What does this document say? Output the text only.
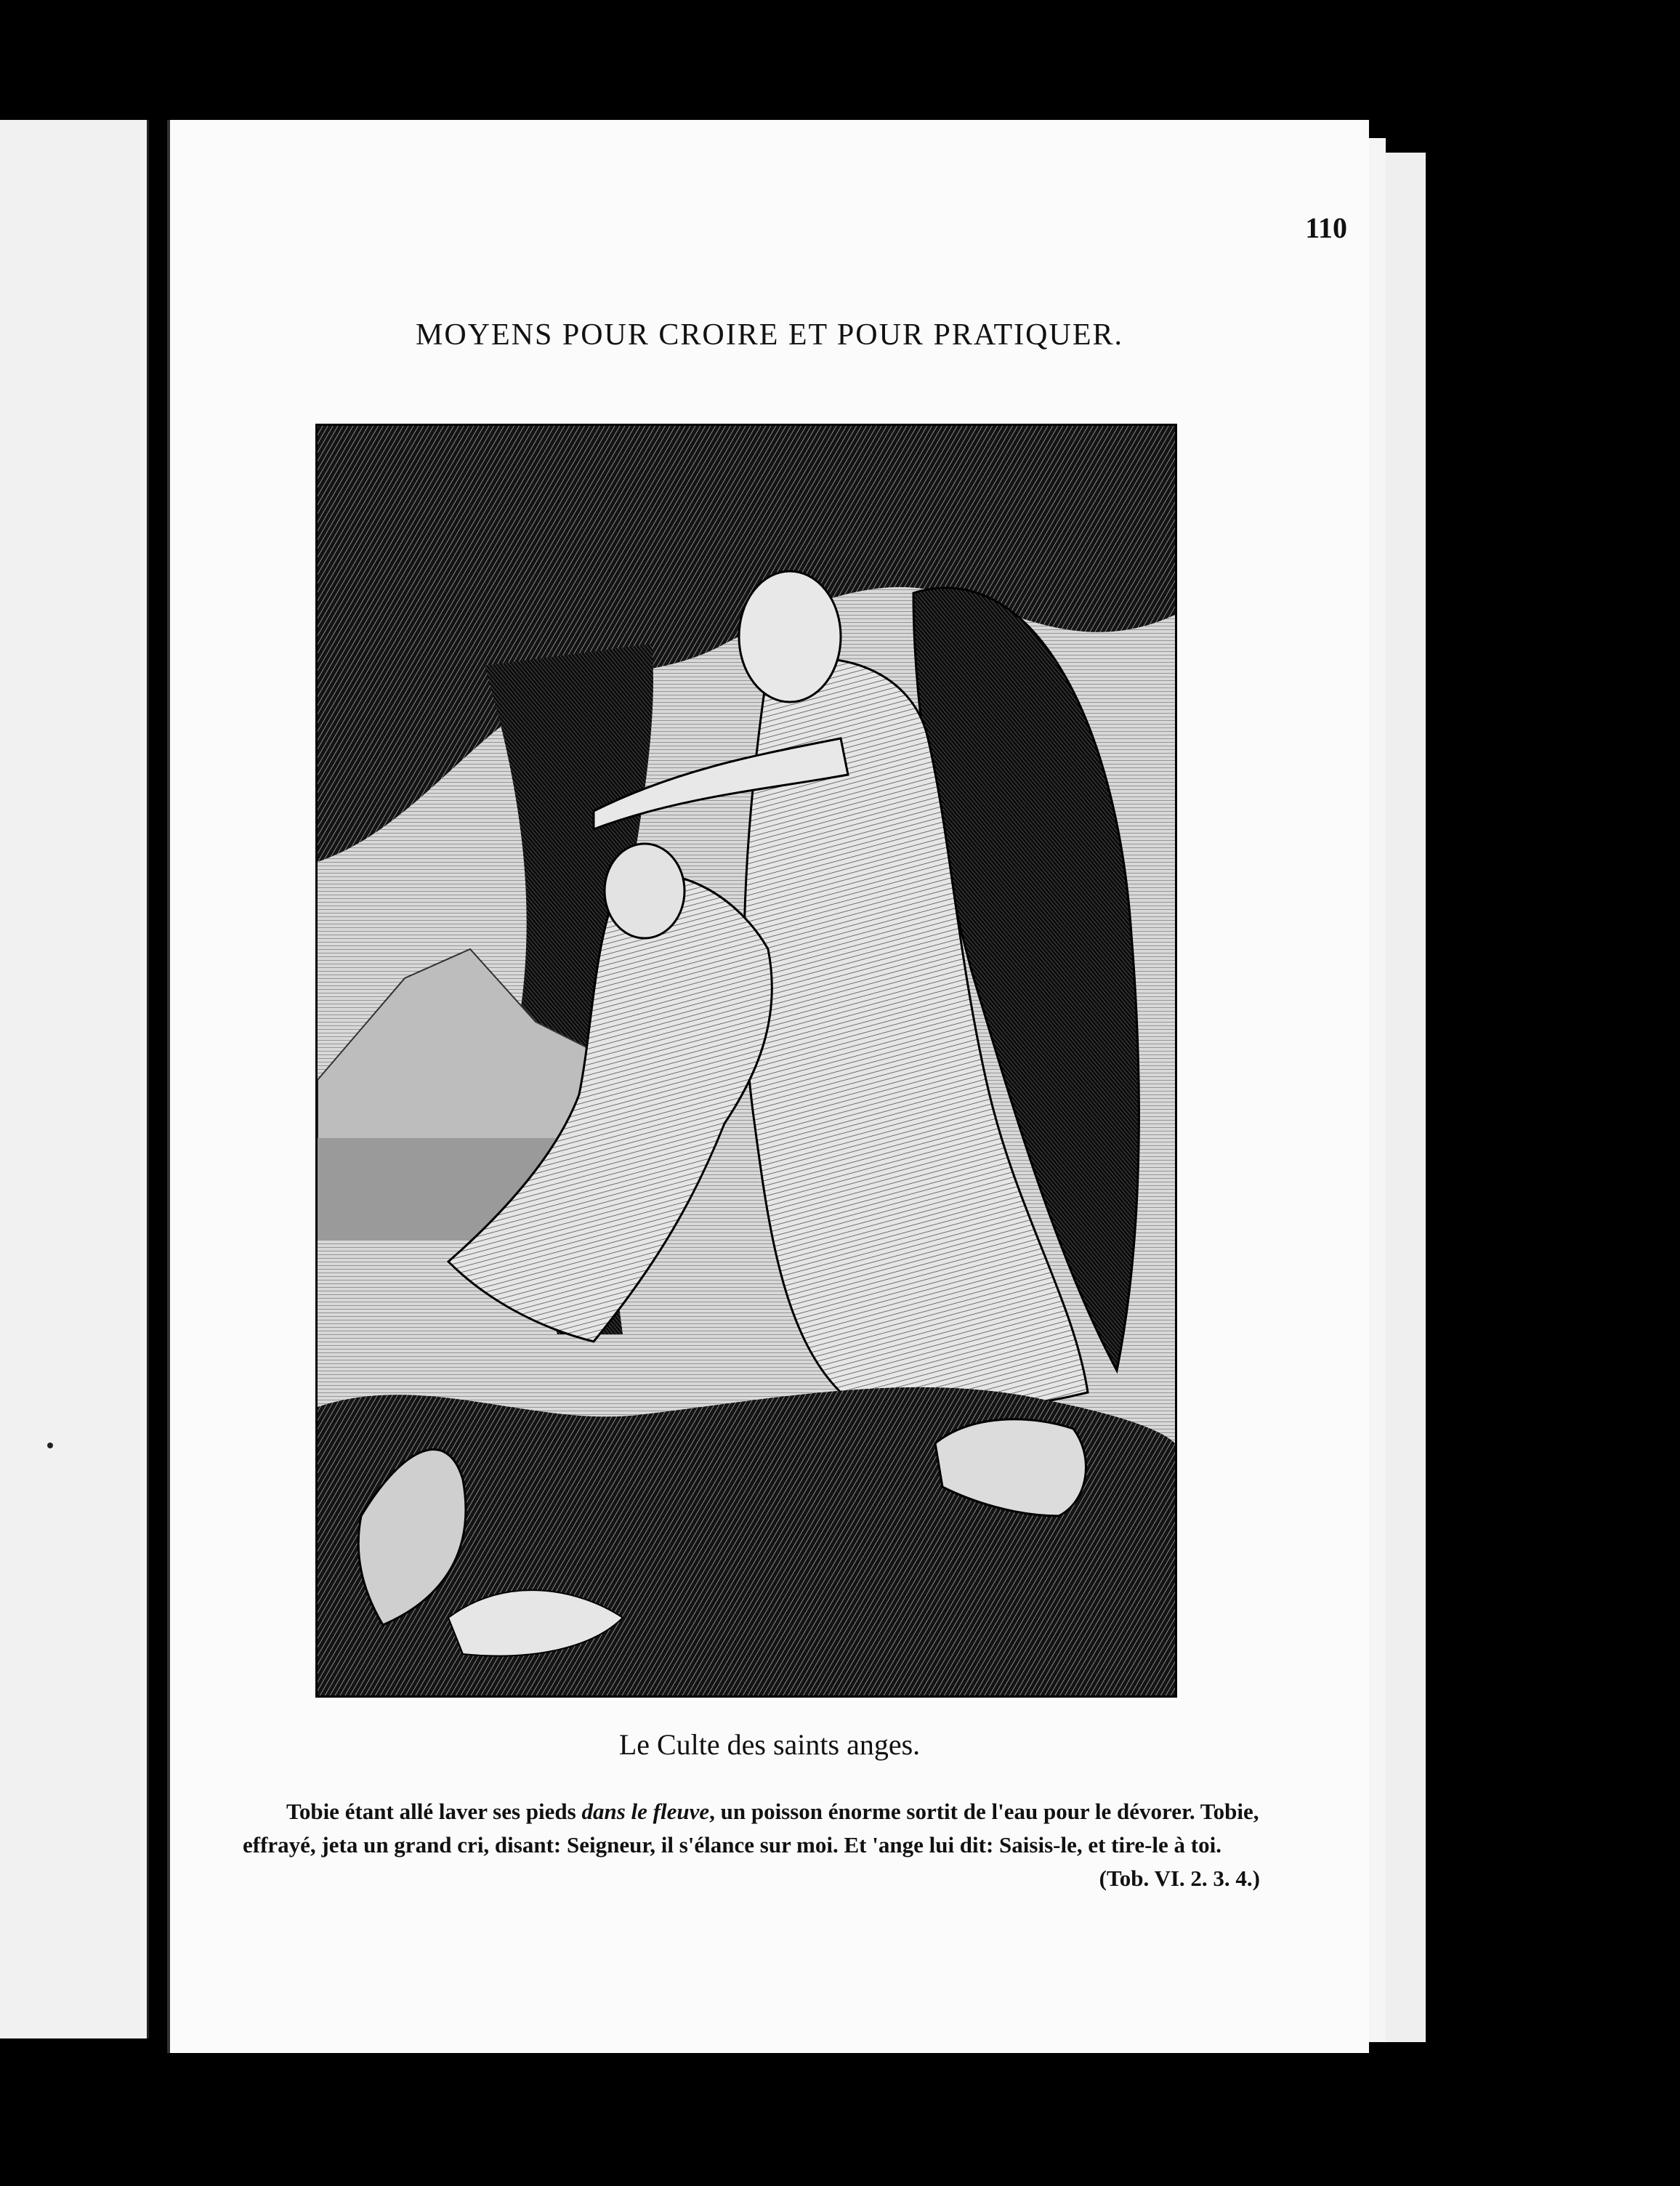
110
MOYENS POUR CROIRE ET POUR PRATIQUER.
Le Culte des saints anges.

Tobie étant allé laver ses pieds dans le fleuve, un poisson énorme sortit de l'eau pour le dévorer. Tobie, effrayé, jeta un grand cri, disant: Seigneur, il s'élance sur moi. Et 'ange lui dit: Saisis-le, et tire-le à toi.
(Tob. VI. 2. 3. 4.)
